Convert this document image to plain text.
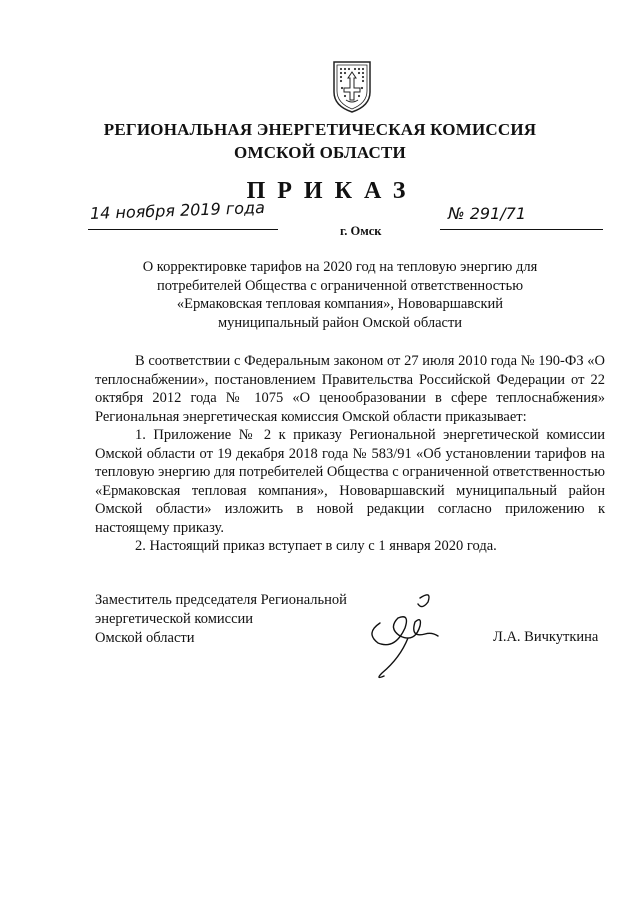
РЕГИОНАЛЬНАЯ ЭНЕРГЕТИЧЕСКАЯ КОМИССИЯ
ОМСКОЙ ОБЛАСТИ
ПРИКАЗ
14 ноября 2019 года	№ 291/71
г. Омск
О корректировке тарифов на 2020 год на тепловую энергию для
потребителей Общества с ограниченной ответственностью
«Ермаковская тепловая компания», Нововаршавский
муниципальный район Омской области

В соответствии с Федеральным законом от 27 июля 2010 года № 190-ФЗ «О теплоснабжении», постановлением Правительства Российской Федерации от 22 октября 2012 года № 1075 «О ценообразовании в сфере теплоснабжения» Региональная энергетическая комиссия Омской области приказывает:

1. Приложение № 2 к приказу Региональной энергетической комиссии Омской области от 19 декабря 2018 года № 583/91 «Об установлении тарифов на тепловую энергию для потребителей Общества с ограниченной ответственностью «Ермаковская тепловая компания», Нововаршавский муниципальный район Омской области» изложить в новой редакции согласно приложению к настоящему приказу.

2. Настоящий приказ вступает в силу с 1 января 2020 года.

Заместитель председателя Региональной
энергетической комиссии
Омской области	Л.А. Вичкуткина
